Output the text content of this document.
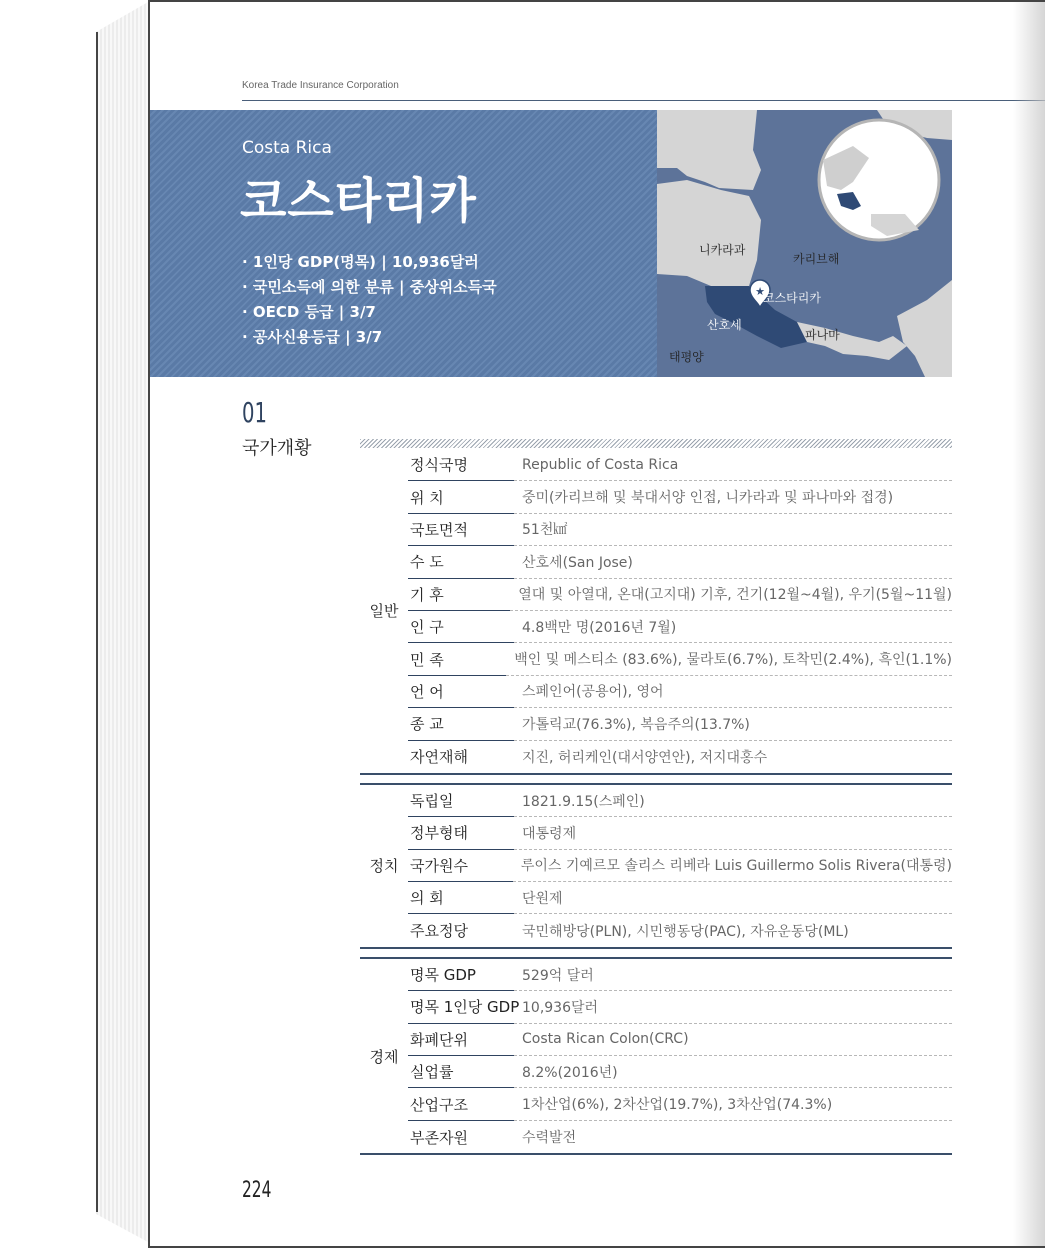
Korea Trade Insurance Corporation
Costa Rica
코스타리카
· 1인당 GDP(명목) | 10,936달러
· 국민소득에 의한 분류 | 중상위소득국
· OECD 등급 | 3/7
· 공사신용등급 | 3/7
★
니카라과
카리브해
코스타리카
산호세
파나마
태평양
01
국가개황
일반
정식국명	Republic of Costa Rica
위 치	중미(카리브해 및 북대서양 인접, 니카라과 및 파나마와 접경)
국토면적	51천㎢
수 도	산호세(San Jose)
기 후	열대 및 아열대, 온대(고지대) 기후, 건기(12월~4월), 우기(5월~11월)
인 구	4.8백만 명(2016년 7월)
민 족	백인 및 메스티소 (83.6%), 물라토(6.7%), 토착민(2.4%), 흑인(1.1%)
언 어	스페인어(공용어), 영어
종 교	가톨릭교(76.3%), 복음주의(13.7%)
자연재해	지진, 허리케인(대서양연안), 저지대홍수
정치
독립일	1821.9.15(스페인)
정부형태	대통령제
국가원수	루이스 기예르모 솔리스 리베라 Luis Guillermo Solis Rivera(대통령)
의 회	단원제
주요정당	국민해방당(PLN), 시민행동당(PAC), 자유운동당(ML)
경제
명목 GDP	529억 달러
명목 1인당 GDP 10,936달러
화폐단위	Costa Rican Colon(CRC)
실업률	8.2%(2016년)
산업구조	1차산업(6%), 2차산업(19.7%), 3차산업(74.3%)
부존자원	수력발전
224
